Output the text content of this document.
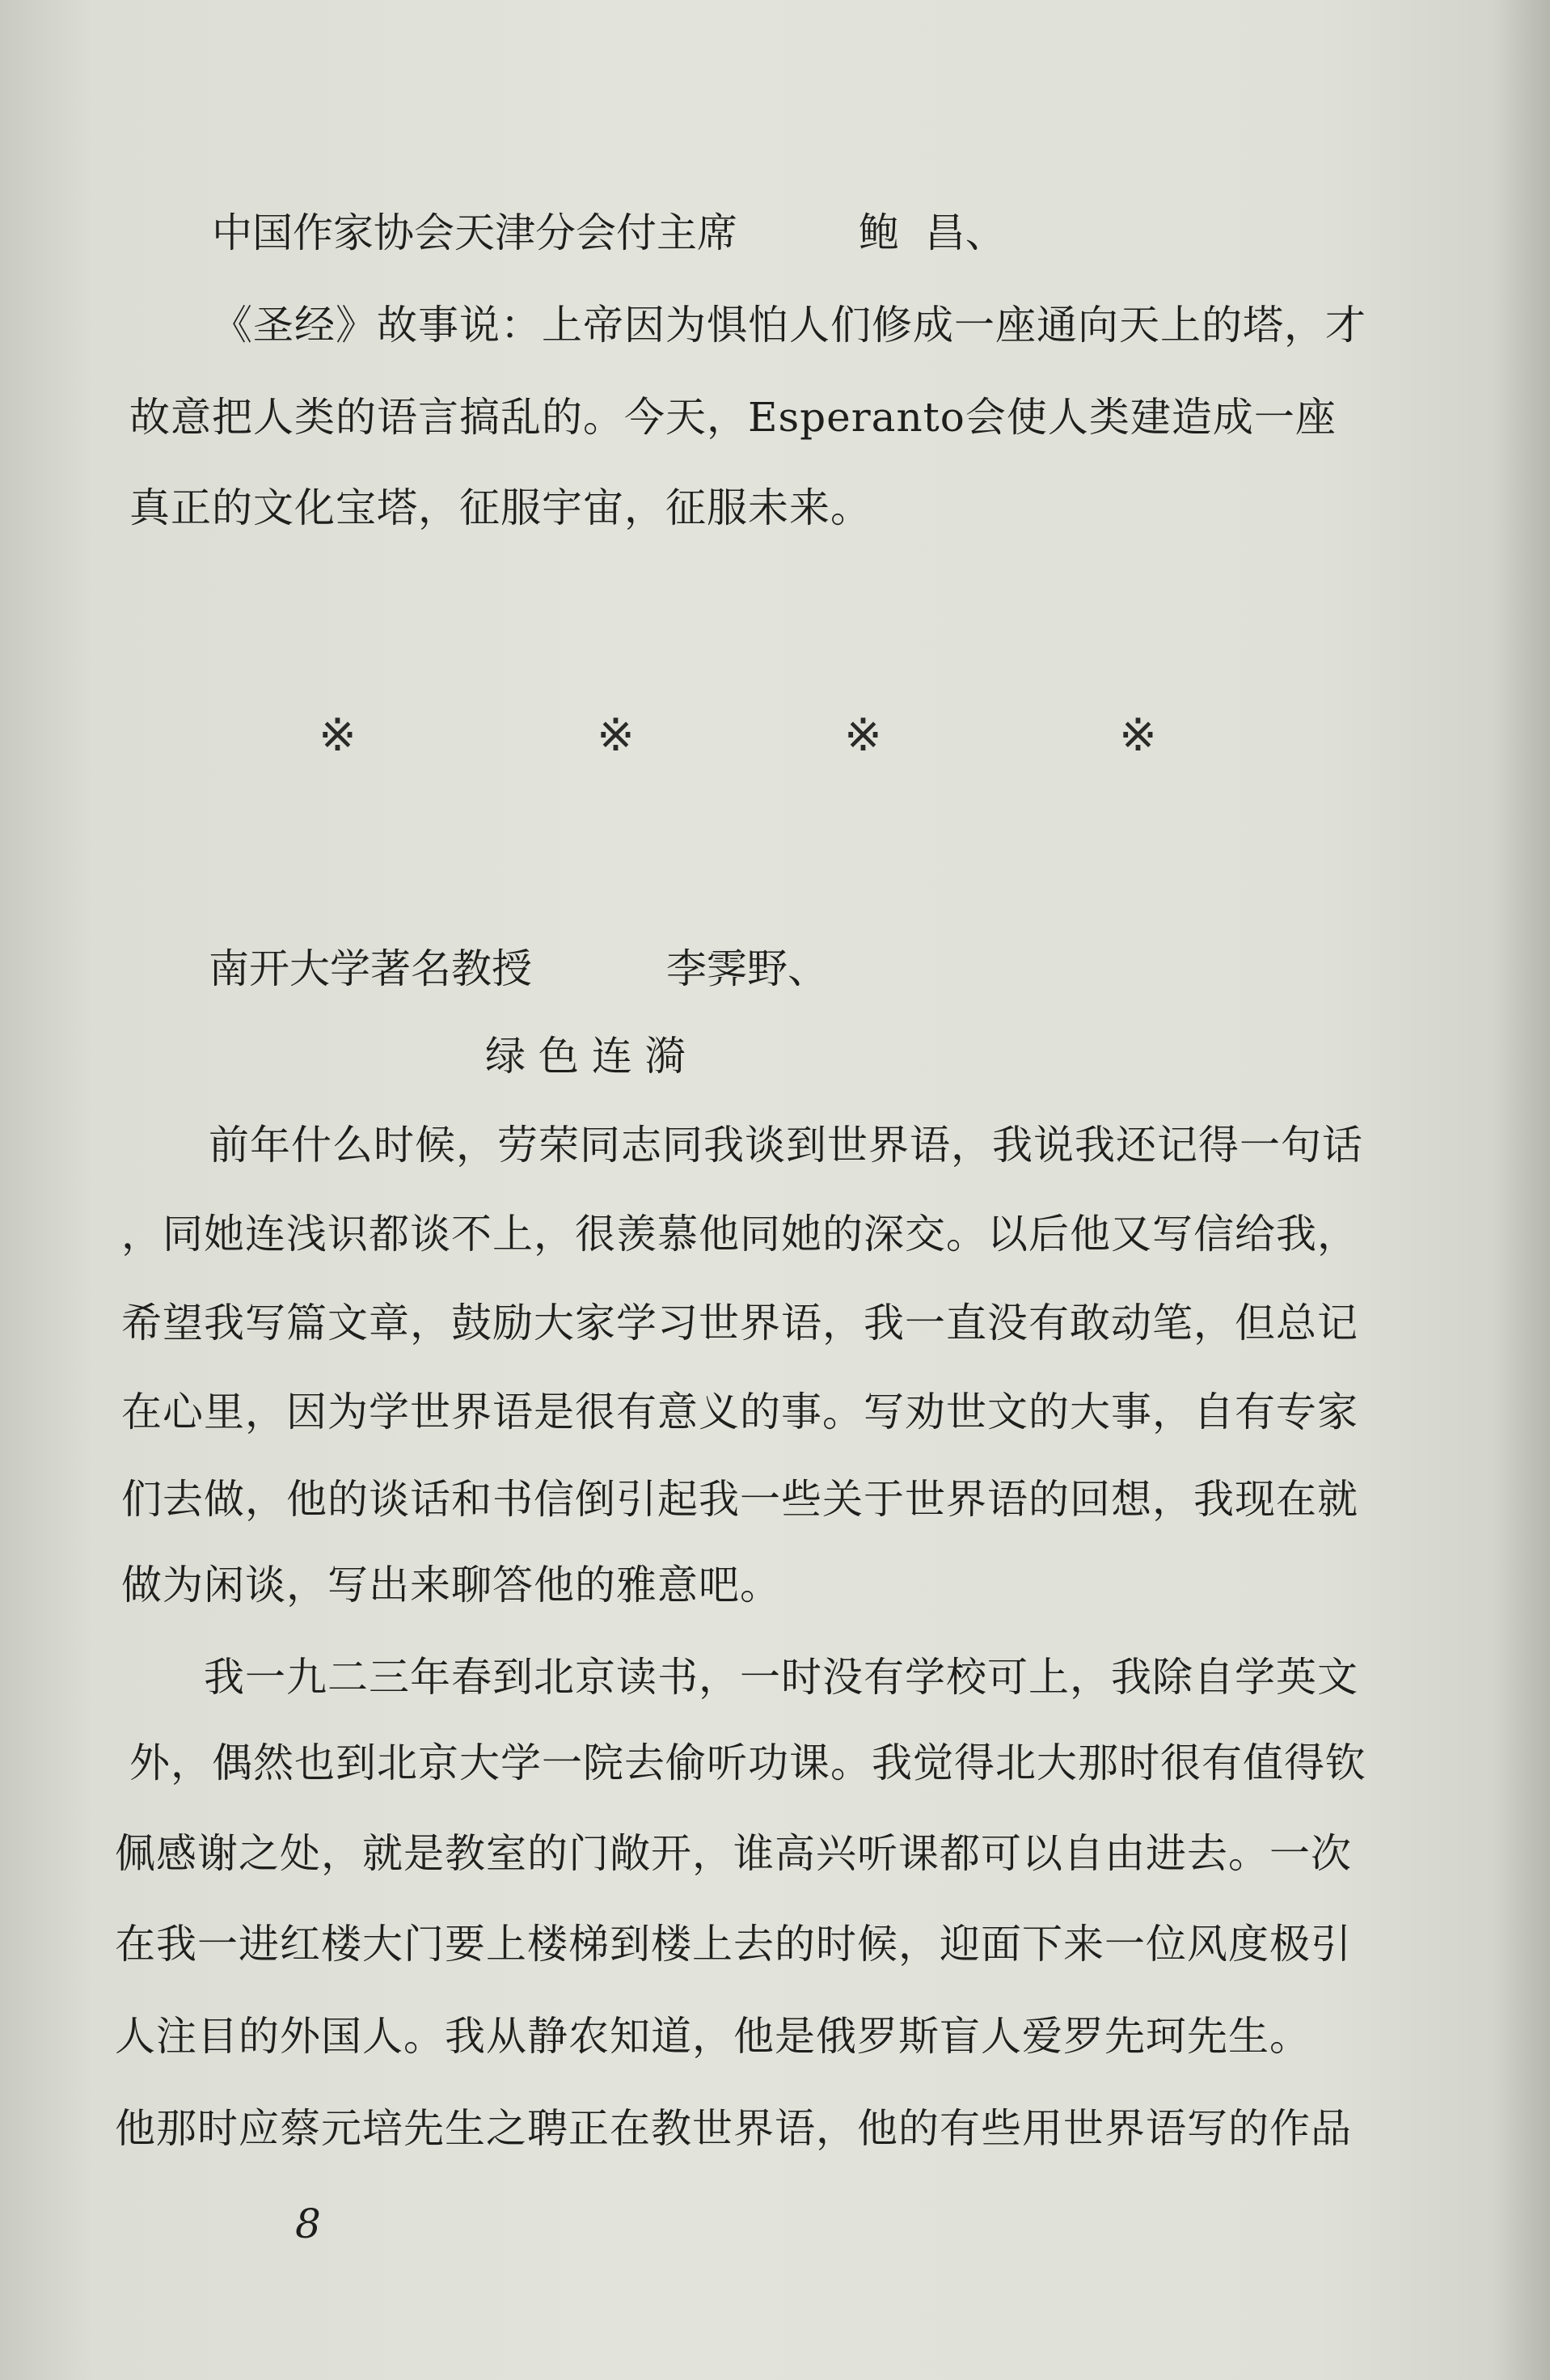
中国作家协会天津分会付主席	鲍  昌、
《圣经》故事说：上帝因为惧怕人们修成一座通向天上的塔，才
故意把人类的语言搞乱的。今天，Esperanto会使人类建造成一座
真正的文化宝塔，征服宇宙，征服未来。
※	※	※	※
南开大学著名教授	李霁野、
绿 色 连 漪
前年什么时候，劳荣同志同我谈到世界语，我说我还记得一句话
，同她连浅识都谈不上，很羡慕他同她的深交。以后他又写信给我，
希望我写篇文章，鼓励大家学习世界语，我一直没有敢动笔，但总记
在心里，因为学世界语是很有意义的事。写劝世文的大事，自有专家
们去做，他的谈话和书信倒引起我一些关于世界语的回想，我现在就
做为闲谈，写出来聊答他的雅意吧。
我一九二三年春到北京读书，一时没有学校可上，我除自学英文
外，偶然也到北京大学一院去偷听功课。我觉得北大那时很有值得钦
佩感谢之处，就是教室的门敞开，谁高兴听课都可以自由进去。一次
在我一进红楼大门要上楼梯到楼上去的时候，迎面下来一位风度极引
人注目的外国人。我从静农知道，他是俄罗斯盲人爱罗先珂先生。
他那时应蔡元培先生之聘正在教世界语，他的有些用世界语写的作品
8
